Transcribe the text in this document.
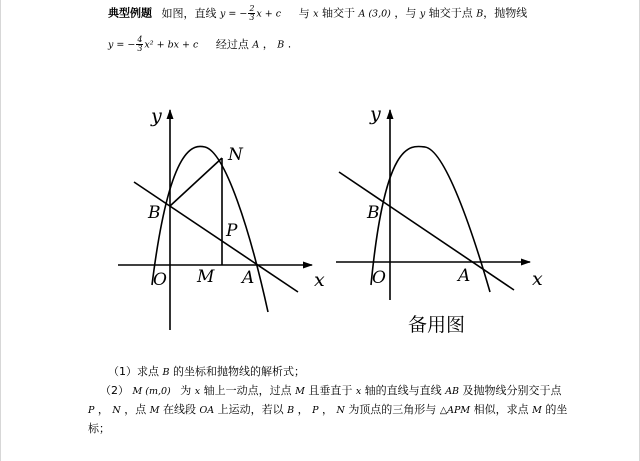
典型例题 如图，直线 y = − $\frac{2}{3}$ x + c 与 x 轴交于 A (3,0) ，与 y 轴交于点 B，抛物线
y = − $\frac{4}{3} x^2$ + bx + c 经过点 A ， B .
y
x
N
B
P
O M A
y
x
B
O	A
备用图
（1）求点 B 的坐标和抛物线的解析式；
（2） M (m,0) 为 x 轴上一动点，过点 M 且垂直于 x 轴的直线与直线 AB 及抛物线分别交于点
P ， N ，点 M 在线段 OA 上运动，若以 B ， P ， N 为顶点的三角形与 △APM 相似，求点 M 的坐
标；
